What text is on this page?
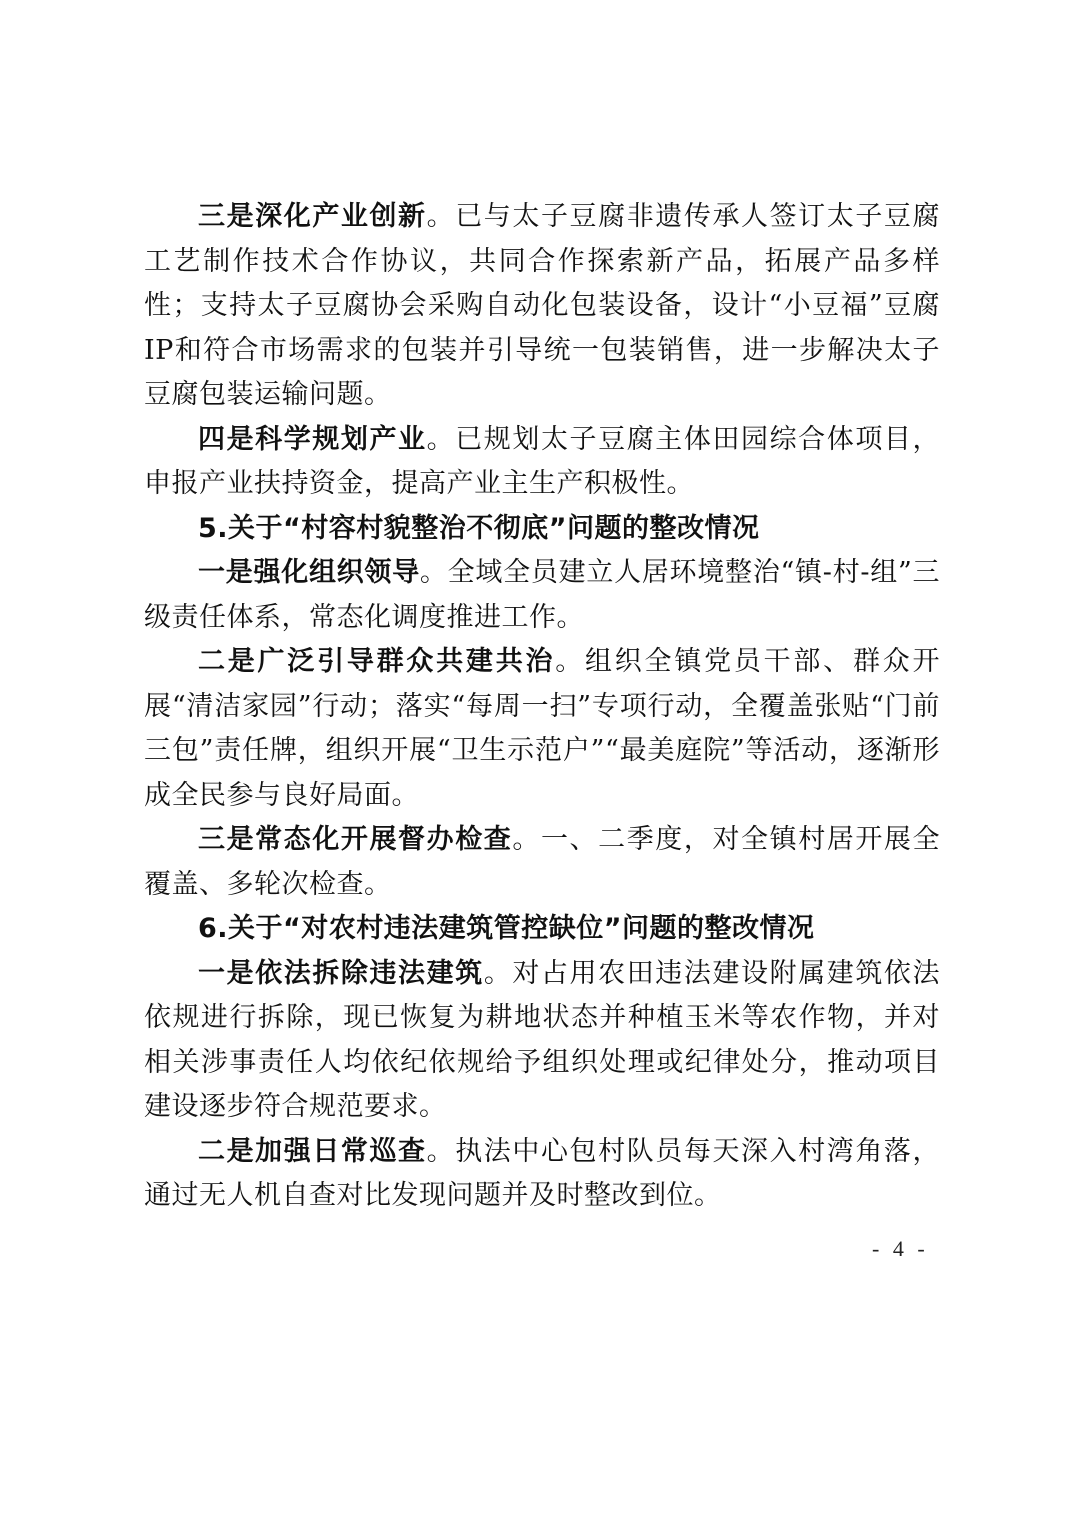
三是深化产业创新。已与太子豆腐非遗传承人签订太子豆腐工艺制作技术合作协议，共同合作探索新产品，拓展产品多样性；支持太子豆腐协会采购自动化包装设备，设计“小豆福”豆腐IP和符合市场需求的包装并引导统一包装销售，进一步解决太子豆腐包装运输问题。

四是科学规划产业。已规划太子豆腐主体田园综合体项目，申报产业扶持资金，提高产业主生产积极性。

5.关于“村容村貌整治不彻底”问题的整改情况

一是强化组织领导。全域全员建立人居环境整治“镇-村-组”三级责任体系，常态化调度推进工作。

二是广泛引导群众共建共治。组织全镇党员干部、群众开展“清洁家园”行动；落实“每周一扫”专项行动，全覆盖张贴“门前三包”责任牌，组织开展“卫生示范户”“最美庭院”等活动，逐渐形成全民参与良好局面。

三是常态化开展督办检查。一、二季度，对全镇村居开展全覆盖、多轮次检查。

6.关于“对农村违法建筑管控缺位”问题的整改情况

一是依法拆除违法建筑。对占用农田违法建设附属建筑依法依规进行拆除，现已恢复为耕地状态并种植玉米等农作物，并对相关涉事责任人均依纪依规给予组织处理或纪律处分，推动项目建设逐步符合规范要求。

二是加强日常巡查。执法中心包村队员每天深入村湾角落，通过无人机自查对比发现问题并及时整改到位。

- 4 -
